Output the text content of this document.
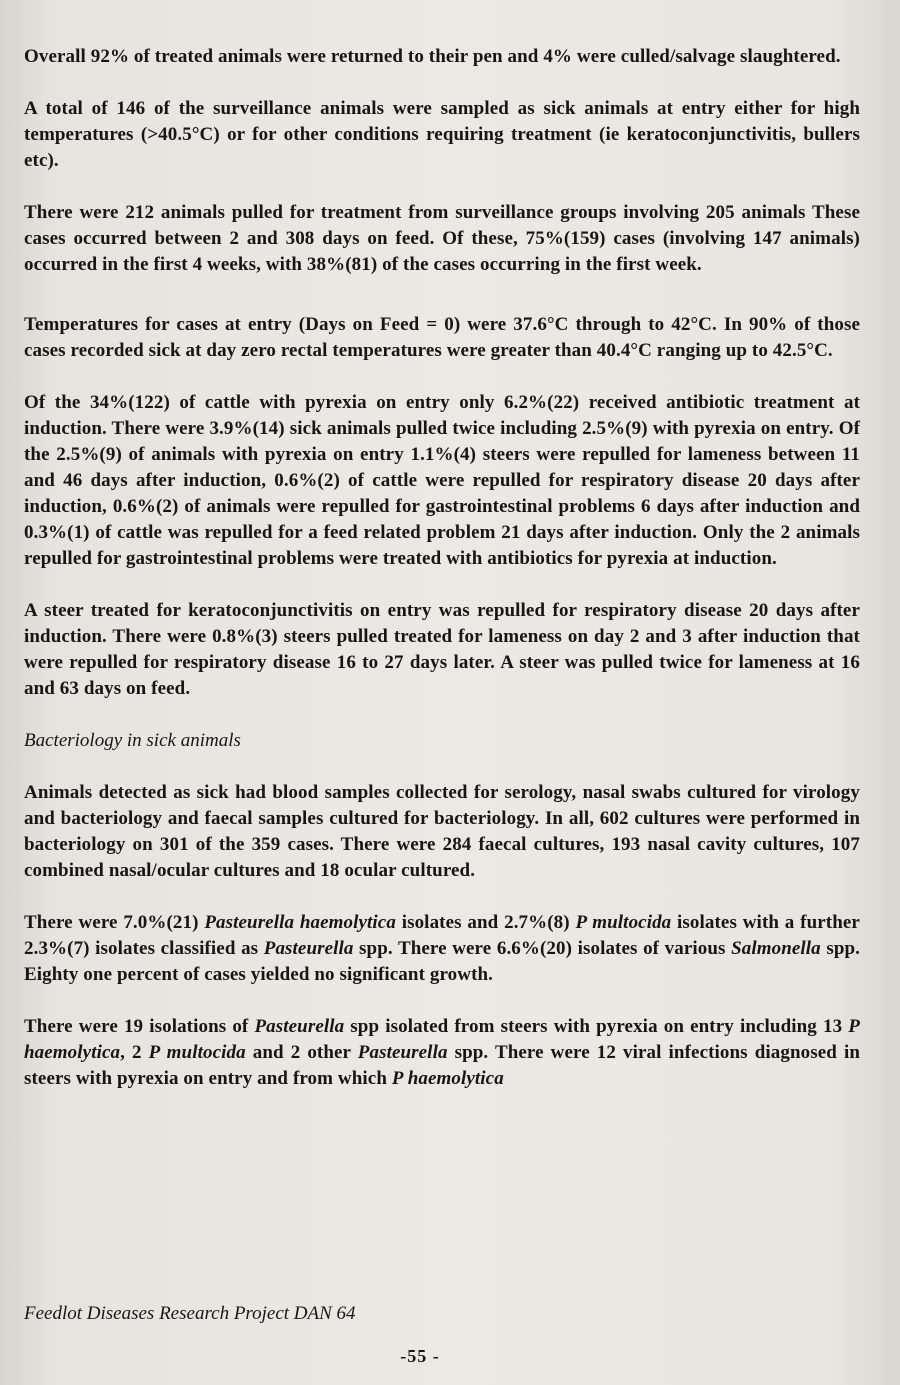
Overall 92% of treated animals were returned to their pen and 4% were culled/salvage slaughtered.

A total of 146 of the surveillance animals were sampled as sick animals at entry either for high temperatures (>40.5°C) or for other conditions requiring treatment (ie keratoconjunctivitis, bullers etc).

There were 212 animals pulled for treatment from surveillance groups involving 205 animals These cases occurred between 2 and 308 days on feed. Of these, 75%(159) cases (involving 147 animals) occurred in the first 4 weeks, with 38%(81) of the cases occurring in the first week.

Temperatures for cases at entry (Days on Feed = 0) were 37.6°C through to 42°C. In 90% of those cases recorded sick at day zero rectal temperatures were greater than 40.4°C ranging up to 42.5°C.

Of the 34%(122) of cattle with pyrexia on entry only 6.2%(22) received antibiotic treatment at induction. There were 3.9%(14) sick animals pulled twice including 2.5%(9) with pyrexia on entry. Of the 2.5%(9) of animals with pyrexia on entry 1.1%(4) steers were repulled for lameness between 11 and 46 days after induction, 0.6%(2) of cattle were repulled for respiratory disease 20 days after induction, 0.6%(2) of animals were repulled for gastrointestinal problems 6 days after induction and 0.3%(1) of cattle was repulled for a feed related problem 21 days after induction. Only the 2 animals repulled for gastrointestinal problems were treated with antibiotics for pyrexia at induction.

A steer treated for keratoconjunctivitis on entry was repulled for respiratory disease 20 days after induction. There were 0.8%(3) steers pulled treated for lameness on day 2 and 3 after induction that were repulled for respiratory disease 16 to 27 days later. A steer was pulled twice for lameness at 16 and 63 days on feed.

Bacteriology in sick animals

Animals detected as sick had blood samples collected for serology, nasal swabs cultured for virology and bacteriology and faecal samples cultured for bacteriology. In all, 602 cultures were performed in bacteriology on 301 of the 359 cases. There were 284 faecal cultures, 193 nasal cavity cultures, 107 combined nasal/ocular cultures and 18 ocular cultured.

There were 7.0%(21) Pasteurella haemolytica isolates and 2.7%(8) P multocida isolates with a further 2.3%(7) isolates classified as Pasteurella spp. There were 6.6%(20) isolates of various Salmonella spp. Eighty one percent of cases yielded no significant growth.

There were 19 isolations of Pasteurella spp isolated from steers with pyrexia on entry including 13 P haemolytica, 2 P multocida and 2 other Pasteurella spp. There were 12 viral infections diagnosed in steers with pyrexia on entry and from which P haemolytica

Feedlot Diseases Research Project DAN 64
-55 -
